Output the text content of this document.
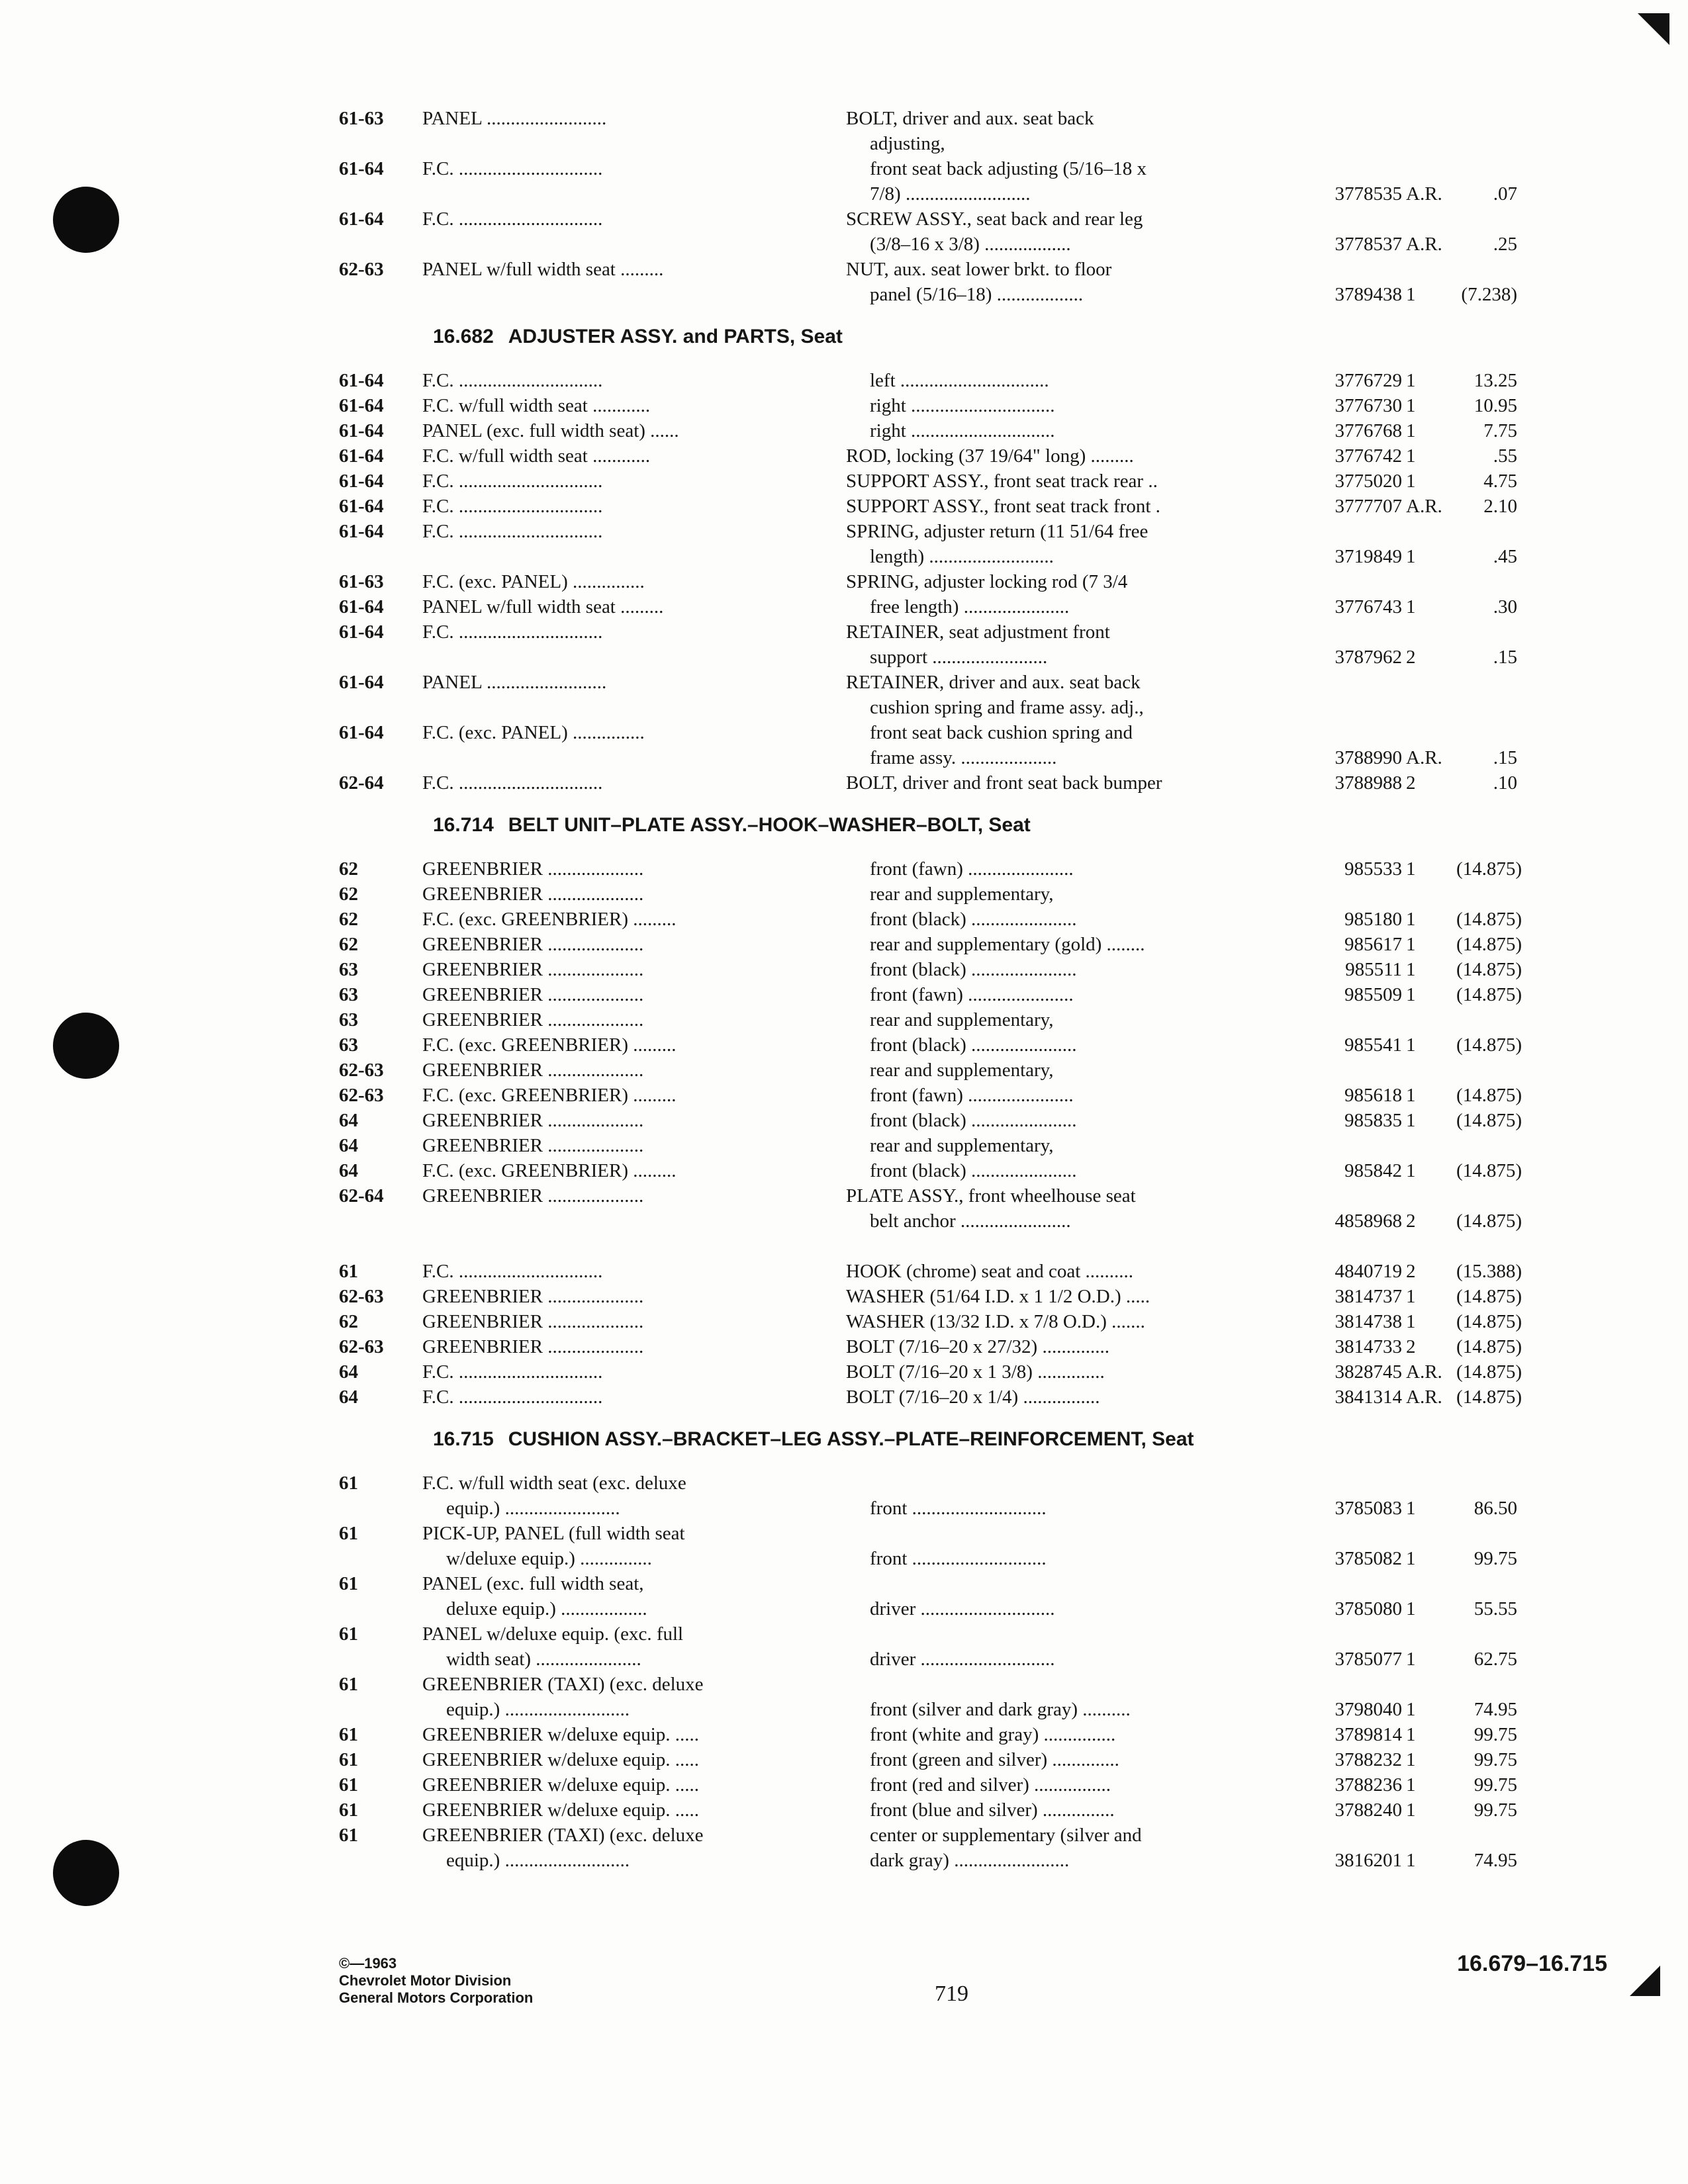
61-63 PANEL .........................	BOLT, driver and aux. seat back
adjusting,
61-64 F.C. ..............................	front seat back adjusting (5/16–18 x
7/8) ..........................	3778535 A.R.	.07
61-64 F.C. ..............................	SCREW ASSY., seat back and rear leg
(3/8–16 x 3/8) ..................	3778537 A.R.	.25
62-63 PANEL w/full width seat .........	NUT, aux. seat lower brkt. to floor
panel (5/16–18) ..................	3789438 1	(7.238)
16.682 ADJUSTER ASSY. and PARTS, Seat
61-64 F.C. ..............................	left ...............................	3776729 1	13.25
61-64 F.C. w/full width seat ............	right ..............................	3776730 1	10.95
61-64 PANEL (exc. full width seat) ......	right ..............................	3776768 1	7.75
61-64 F.C. w/full width seat ............	ROD, locking (37 19/64" long) .........	3776742 1	.55
61-64 F.C. ..............................	SUPPORT ASSY., front seat track rear ..	3775020 1	4.75
61-64 F.C. ..............................	SUPPORT ASSY., front seat track front .	3777707 A.R.	2.10
61-64 F.C. ..............................	SPRING, adjuster return (11 51/64 free
length) ..........................	3719849 1	.45
61-63 F.C. (exc. PANEL) ...............	SPRING, adjuster locking rod (7 3/4
61-64 PANEL w/full width seat .........	free length) ......................	3776743 1	.30
61-64 F.C. ..............................	RETAINER, seat adjustment front
support ........................	3787962 2	.15
61-64 PANEL .........................	RETAINER, driver and aux. seat back
cushion spring and frame assy. adj.,
61-64 F.C. (exc. PANEL) ...............	front seat back cushion spring and
frame assy. ....................	3788990 A.R.	.15
62-64 F.C. ..............................	BOLT, driver and front seat back bumper	3788988 2	.10
16.714 BELT UNIT–PLATE ASSY.–HOOK–WASHER–BOLT, Seat
62	GREENBRIER ....................	front (fawn) ......................	985533 1	(14.875)
62	GREENBRIER ....................	rear and supplementary,
62	F.C. (exc. GREENBRIER) .........	front (black) ......................	985180 1	(14.875)
62	GREENBRIER ....................	rear and supplementary (gold) ........	985617 1	(14.875)
63	GREENBRIER ....................	front (black) ......................	985511 1	(14.875)
63	GREENBRIER ....................	front (fawn) ......................	985509 1	(14.875)
63	GREENBRIER ....................	rear and supplementary,
63	F.C. (exc. GREENBRIER) .........	front (black) ......................	985541 1	(14.875)
62-63 GREENBRIER ....................	rear and supplementary,
62-63 F.C. (exc. GREENBRIER) .........	front (fawn) ......................	985618 1	(14.875)
64	GREENBRIER ....................	front (black) ......................	985835 1	(14.875)
64	GREENBRIER ....................	rear and supplementary,
64	F.C. (exc. GREENBRIER) .........	front (black) ......................	985842 1	(14.875)
62-64 GREENBRIER ....................	PLATE ASSY., front wheelhouse seat
belt anchor .......................	4858968 2	(14.875)
61	F.C. ..............................	HOOK (chrome) seat and coat ..........	4840719 2	(15.388)
62-63 GREENBRIER ....................	WASHER (51/64 I.D. x 1 1/2 O.D.) .....	3814737 1	(14.875)
62	GREENBRIER ....................	WASHER (13/32 I.D. x 7/8 O.D.) .......	3814738 1	(14.875)
62-63 GREENBRIER ....................	BOLT (7/16–20 x 27/32) ..............	3814733 2	(14.875)
64	F.C. ..............................	BOLT (7/16–20 x 1 3/8) ..............	3828745 A.R. (14.875)
64	F.C. ..............................	BOLT (7/16–20 x 1/4) ................	3841314 A.R. (14.875)
16.715 CUSHION ASSY.–BRACKET–LEG ASSY.–PLATE–REINFORCEMENT, Seat
61	F.C. w/full width seat (exc. deluxe
equip.) ........................	front ............................	3785083 1	86.50
61	PICK-UP, PANEL (full width seat
w/deluxe equip.) ...............	front ............................	3785082 1	99.75
61	PANEL (exc. full width seat,
deluxe equip.) ..................	driver ............................	3785080 1	55.55
61	PANEL w/deluxe equip. (exc. full
width seat) ......................	driver ............................	3785077 1	62.75
61	GREENBRIER (TAXI) (exc. deluxe
equip.) ..........................	front (silver and dark gray) ..........	3798040 1	74.95
61	GREENBRIER w/deluxe equip. .....	front (white and gray) ...............	3789814 1	99.75
61	GREENBRIER w/deluxe equip. .....	front (green and silver) ..............	3788232 1	99.75
61	GREENBRIER w/deluxe equip. .....	front (red and silver) ................	3788236 1	99.75
61	GREENBRIER w/deluxe equip. .....	front (blue and silver) ...............	3788240 1	99.75
61	GREENBRIER (TAXI) (exc. deluxe	center or supplementary (silver and
equip.) ..........................	dark gray) ........................	3816201 1	74.95
©—1963
Chevrolet Motor Division
General Motors Corporation	719
16.679–16.715
